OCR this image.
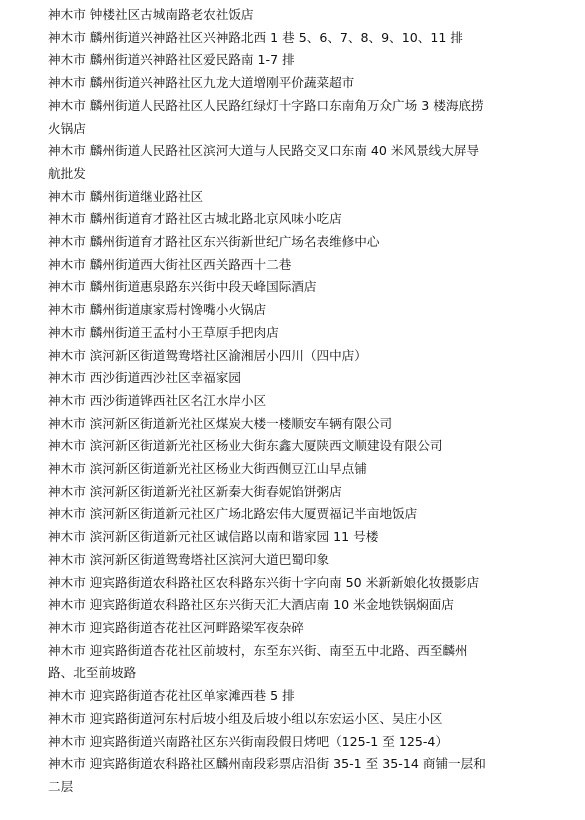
神木市 钟楼社区古城南路老农社饭店
神木市 麟州街道兴神路社区兴神路北西 1 巷 5、6、7、8、9、10、11 排
神木市 麟州街道兴神路社区爱民路南 1-7 排
神木市 麟州街道兴神路社区九龙大道增刚平价蔬菜超市
神木市 麟州街道人民路社区人民路红绿灯十字路口东南角万众广场 3 楼海底捞火锅店
神木市 麟州街道人民路社区滨河大道与人民路交叉口东南 40 米风景线大屏导航批发
神木市 麟州街道继业路社区
神木市 麟州街道育才路社区古城北路北京风味小吃店
神木市 麟州街道育才路社区东兴街新世纪广场名表维修中心
神木市 麟州街道西大街社区西关路西十二巷
神木市 麟州街道惠泉路东兴街中段天峰国际酒店
神木市 麟州街道康家焉村馋嘴小火锅店
神木市 麟州街道王孟村小王草原手把肉店
神木市 滨河新区街道鸳鸯塔社区渝湘居小四川（四中店）
神木市 西沙街道西沙社区幸福家园
神木市 西沙街道铧西社区名江水岸小区
神木市 滨河新区街道新光社区煤炭大楼一楼顺安车辆有限公司
神木市 滨河新区街道新光社区杨业大街东鑫大厦陕西文顺建设有限公司
神木市 滨河新区街道新光社区杨业大街西侧豆江山早点铺
神木市 滨河新区街道新光社区新秦大街春妮馅饼粥店
神木市 滨河新区街道新元社区广场北路宏伟大厦贾福记半亩地饭店
神木市 滨河新区街道新元社区诚信路以南和谐家园 11 号楼
神木市 滨河新区街道鸳鸯塔社区滨河大道巴蜀印象
神木市 迎宾路街道农科路社区农科路东兴街十字向南 50 米新新娘化妆摄影店
神木市 迎宾路街道农科路社区东兴街天汇大酒店南 10 米金地铁锅焖面店
神木市 迎宾路街道杏花社区河畔路梁军夜杂碎
神木市 迎宾路街道杏花社区前坡村，东至东兴街、南至五中北路、西至麟州路、北至前坡路
神木市 迎宾路街道杏花社区单家滩西巷 5 排
神木市 迎宾路街道河东村后坡小组及后坡小组以东宏运小区、吴庄小区
神木市 迎宾路街道兴南路社区东兴街南段假日烤吧（125-1 至 125-4）
神木市 迎宾路街道农科路社区麟州南段彩票店沿街 35-1 至 35-14 商铺一层和二层
